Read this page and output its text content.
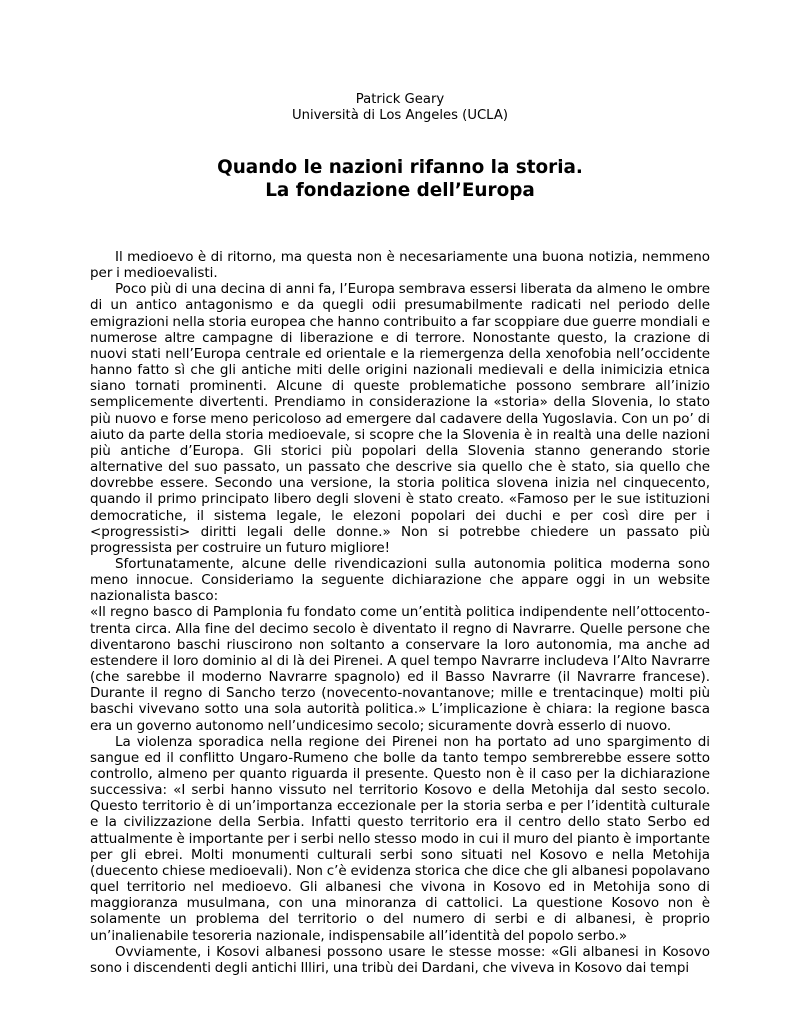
Patrick Geary
Università di Los Angeles (UCLA)
Quando le nazioni rifanno la storia.
La fondazione dell’Europa

Il medioevo è di ritorno, ma questa non è necesariamente una buona notizia, nemmeno per i medioevalisti.

Poco più di una decina di anni fa, l’Europa sembrava essersi liberata da almeno le ombre di un antico antagonismo e da quegli odii presumabilmente radicati nel periodo delle emigrazioni nella storia europea che hanno contribuito a far scoppiare due guerre mondiali e numerose altre campagne di liberazione e di terrore. Nonostante questo, la crazione di nuovi stati nell’Europa centrale ed orientale e la riemergenza della xenofobia nell’occidente hanno fatto sì che gli antiche miti delle origini nazionali medievali e della inimicizia etnica siano tornati prominenti. Alcune di queste problematiche possono sembrare all’inizio semplicemente divertenti. Prendiamo in considerazione la «storia» della Slovenia, lo stato più nuovo e forse meno pericoloso ad emergere dal cadavere della Yugoslavia. Con un po’ di aiuto da parte della storia medioevale, si scopre che la Slovenia è in realtà una delle nazioni più antiche d’Europa. Gli storici più popolari della Slovenia stanno generando storie alternative del suo passato, un passato che descrive sia quello che è stato, sia quello che dovrebbe essere. Secondo una versione, la storia politica slovena inizia nel cinquecento, quando il primo principato libero degli sloveni è stato creato. «Famoso per le sue istituzioni democratiche, il sistema legale, le elezoni popolari dei duchi e per così dire per i <progressisti> diritti legali delle donne.» Non si potrebbe chiedere un passato più progressista per costruire un futuro migliore!

Sfortunatamente, alcune delle rivendicazioni sulla autonomia politica moderna sono meno innocue. Consideriamo la seguente dichiarazione che appare oggi in un website nazionalista basco:

«Il regno basco di Pamplonia fu fondato come un’entità politica indipendente nell’ottocento-trenta circa. Alla fine del decimo secolo è diventato il regno di Navrarre. Quelle persone che diventarono baschi riuscirono non soltanto a conservare la loro autonomia, ma anche ad estendere il loro dominio al di là dei Pirenei. A quel tempo Navrarre includeva l’Alto Navrarre (che sarebbe il moderno Navrarre spagnolo) ed il Basso Navrarre (il Navrarre francese). Durante il regno di Sancho terzo (novecento-novantanove; mille e trentacinque) molti più baschi vivevano sotto una sola autorità politica.» L’implicazione è chiara: la regione basca era un governo autonomo nell’undicesimo secolo; sicuramente dovrà esserlo di nuovo.

La violenza sporadica nella regione dei Pirenei non ha portato ad uno spargimento di sangue ed il conflitto Ungaro-Rumeno che bolle da tanto tempo sembrerebbe essere sotto controllo, almeno per quanto riguarda il presente. Questo non è il caso per la dichiarazione successiva: «I serbi hanno vissuto nel territorio Kosovo e della Metohija dal sesto secolo. Questo territorio è di un’importanza eccezionale per la storia serba e per l’identità culturale e la civilizzazione della Serbia. Infatti questo territorio era il centro dello stato Serbo ed attualmente è importante per i serbi nello stesso modo in cui il muro del pianto è importante per gli ebrei. Molti monumenti culturali serbi sono situati nel Kosovo e nella Metohija (duecento chiese medioevali). Non c’è evidenza storica che dice che gli albanesi popolavano quel territorio nel medioevo. Gli albanesi che vivona in Kosovo ed in Metohija sono di maggioranza musulmana, con una minoranza di cattolici. La questione Kosovo non è solamente un problema del territorio o del numero di serbi e di albanesi, è proprio un’inalienabile tesoreria nazionale, indispensabile all’identità del popolo serbo.»

Ovviamente, i Kosovi albanesi possono usare le stesse mosse: «Gli albanesi in Kosovo sono i discendenti degli antichi Illiri, una tribù dei Dardani, che viveva in Kosovo dai tempi
